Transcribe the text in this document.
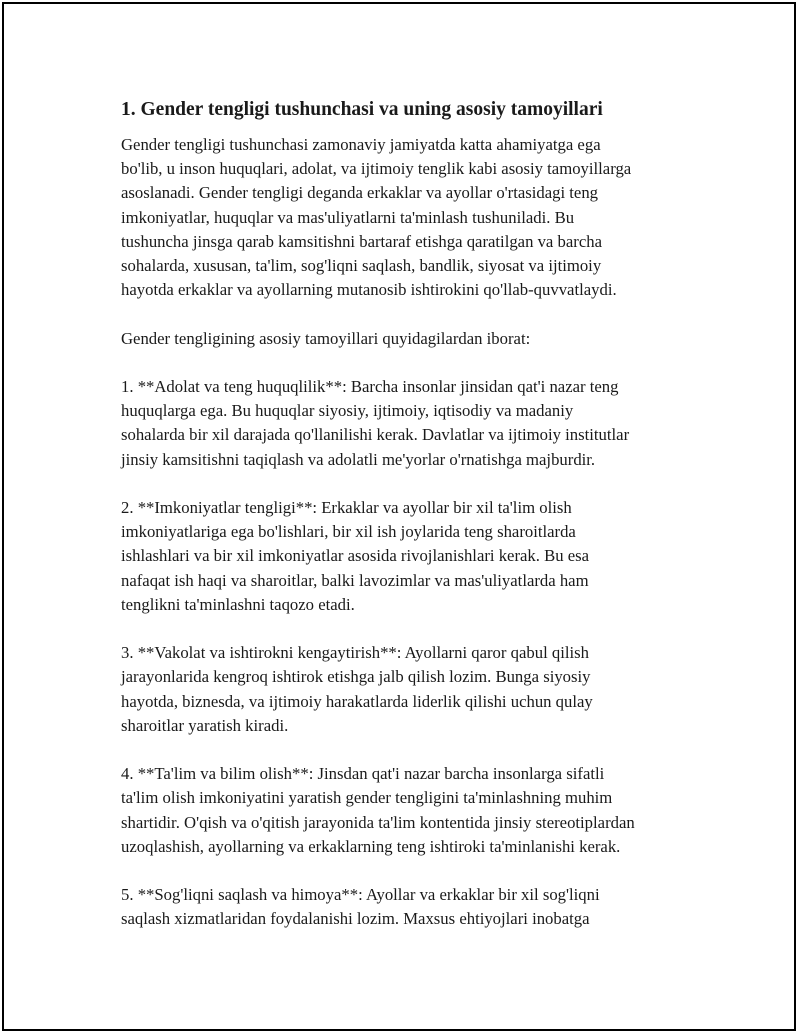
1. Gender tengligi tushunchasi va uning asosiy tamoyillari

Gender tengligi tushunchasi zamonaviy jamiyatda katta ahamiyatga ega
bo'lib, u inson huquqlari, adolat, va ijtimoiy tenglik kabi asosiy tamoyillarga
asoslanadi. Gender tengligi deganda erkaklar va ayollar o'rtasidagi teng
imkoniyatlar, huquqlar va mas'uliyatlarni ta'minlash tushuniladi. Bu
tushuncha jinsga qarab kamsitishni bartaraf etishga qaratilgan va barcha
sohalarda, xususan, ta'lim, sog'liqni saqlash, bandlik, siyosat va ijtimoiy
hayotda erkaklar va ayollarning mutanosib ishtirokini qo'llab-quvvatlaydi.

Gender tengligining asosiy tamoyillari quyidagilardan iborat:

1. **Adolat va teng huquqlilik**: Barcha insonlar jinsidan qat'i nazar teng
huquqlarga ega. Bu huquqlar siyosiy, ijtimoiy, iqtisodiy va madaniy
sohalarda bir xil darajada qo'llanilishi kerak. Davlatlar va ijtimoiy institutlar
jinsiy kamsitishni taqiqlash va adolatli me'yorlar o'rnatishga majburdir.

2. **Imkoniyatlar tengligi**: Erkaklar va ayollar bir xil ta'lim olish
imkoniyatlariga ega bo'lishlari, bir xil ish joylarida teng sharoitlarda
ishlashlari va bir xil imkoniyatlar asosida rivojlanishlari kerak. Bu esa
nafaqat ish haqi va sharoitlar, balki lavozimlar va mas'uliyatlarda ham
tenglikni ta'minlashni taqozo etadi.

3. **Vakolat va ishtirokni kengaytirish**: Ayollarni qaror qabul qilish
jarayonlarida kengroq ishtirok etishga jalb qilish lozim. Bunga siyosiy
hayotda, biznesda, va ijtimoiy harakatlarda liderlik qilishi uchun qulay
sharoitlar yaratish kiradi.

4. **Ta'lim va bilim olish**: Jinsdan qat'i nazar barcha insonlarga sifatli
ta'lim olish imkoniyatini yaratish gender tengligini ta'minlashning muhim
shartidir. O'qish va o'qitish jarayonida ta'lim kontentida jinsiy stereotiplardan
uzoqlashish, ayollarning va erkaklarning teng ishtiroki ta'minlanishi kerak.

5. **Sog'liqni saqlash va himoya**: Ayollar va erkaklar bir xil sog'liqni
saqlash xizmatlaridan foydalanishi lozim. Maxsus ehtiyojlari inobatga
